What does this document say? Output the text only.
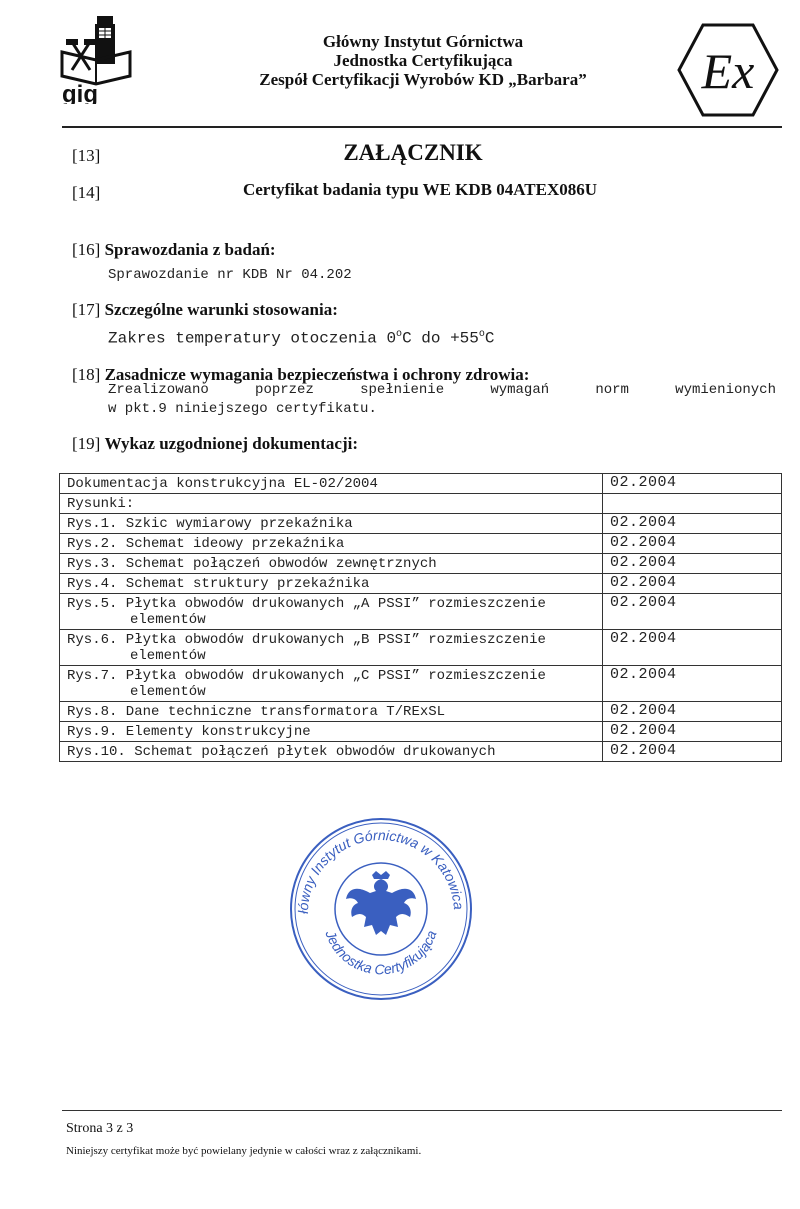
gig
Główny Instytut Górnictwa
Jednostka Certyfikująca
Zespół Certyfikacji Wyrobów KD „Barbara”	Ex
[13]	ZAŁĄCZNIK
[14]	Certyfikat badania typu WE KDB 04ATEX086U
[16] Sprawozdania z badań:
Sprawozdanie nr KDB Nr 04.202
[17] Szczególne warunki stosowania:
Zakres temperatury otoczenia 0$^o$C do $+55^oC$
[18] Zasadnicze wymagania bezpieczeństwa i ochrony zdrowia:
Zrealizowano	poprzez	spełnienie	wymagań	norm	wymienionych
w pkt.9 niniejszego certyfikatu.
[19] Wykaz uzgodnionej dokumentacji:
Dokumentacja konstrukcyjna EL-02/2004	02.2004
Rysunki:	
Rys.1. Szkic wymiarowy przekaźnika	02.2004
Rys.2. Schemat ideowy przekaźnika	02.2004
Rys.3. Schemat połączeń obwodów zewnętrznych	02.2004
Rys.4. Schemat struktury przekaźnika	02.2004
Rys.5. Płytka obwodów drukowanych „A PSSI” rozmieszczenie
elementów	02.2004
Rys.6. Płytka obwodów drukowanych „B PSSI” rozmieszczenie
elementów	02.2004
Rys.7. Płytka obwodów drukowanych „C PSSI” rozmieszczenie
elementów	02.2004
Rys.8. Dane techniczne transformatora T/RExSL	02.2004
Rys.9. Elementy konstrukcyjne	02.2004
Rys.10. Schemat połączeń płytek obwodów drukowanych	02.2004
łówny Instytut Górnictwa w Katowica
Jednostka Certyfikująca
Strona 3 z 3
Niniejszy certyfikat może być powielany jedynie w całości wraz z załącznikami.
